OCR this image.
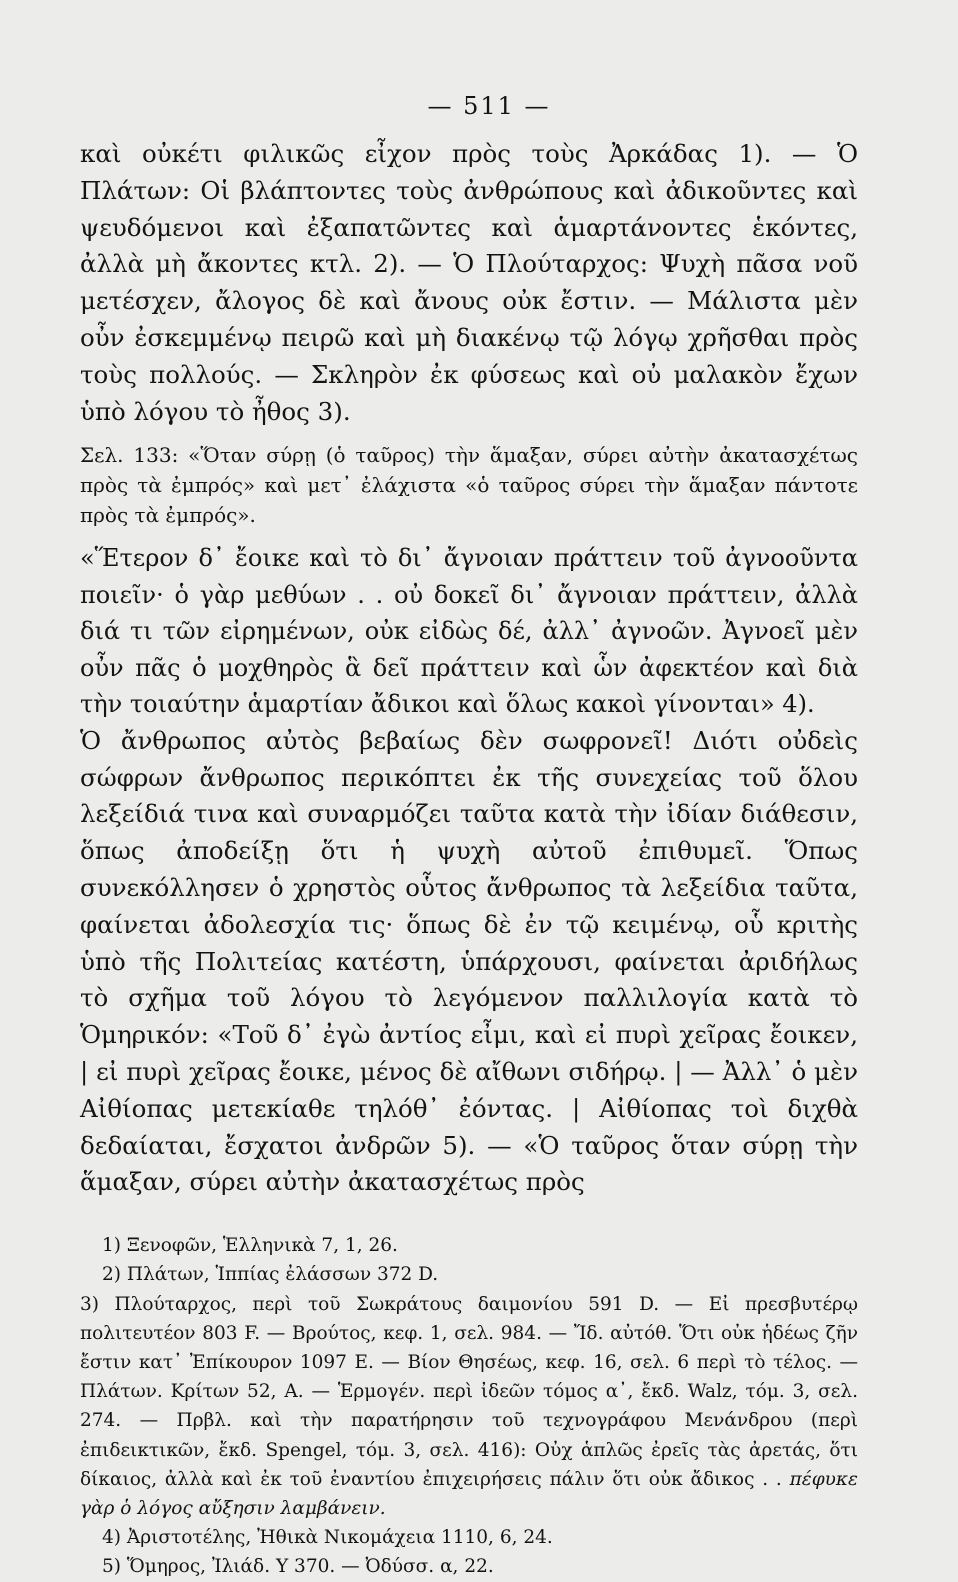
— 511 —

καὶ οὐκέτι φιλικῶς εἶχον πρὸς τοὺς Ἀρκάδας 1). — Ὁ Πλάτων: Οἱ βλάπτοντες τοὺς ἀνθρώπους καὶ ἀδικοῦντες καὶ ψευδόμενοι καὶ ἐξαπατῶντες καὶ ἁμαρτάνοντες ἑκόντες, ἀλλὰ μὴ ἄκοντες κτλ. 2). — Ὁ Πλούταρχος: Ψυχὴ πᾶσα νοῦ μετέσχεν, ἄλογος δὲ καὶ ἄνους οὐκ ἔστιν. — Μάλιστα μὲν οὖν ἐσκεμμένῳ πειρῶ καὶ μὴ διακένῳ τῷ λόγῳ χρῆσθαι πρὸς τοὺς πολλούς. — Σκληρὸν ἐκ φύσεως καὶ οὐ μαλακὸν ἔχων ὑπὸ λόγου τὸ ἦθος 3).

Σελ. 133: «Ὅταν σύρῃ (ὁ ταῦρος) τὴν ἅμαξαν, σύρει αὐτὴν ἀκατασχέτως πρὸς τὰ ἐμπρός» καὶ μετ᾽ ἐλάχιστα «ὁ ταῦρος σύρει τὴν ἅμαξαν πάντοτε πρὸς τὰ ἐμπρός».

«Ἕτερον δ᾽ ἔοικε καὶ τὸ δι᾽ ἄγνοιαν πράττειν τοῦ ἀγνοοῦντα ποιεῖν· ὁ γὰρ μεθύων . . οὐ δοκεῖ δι᾽ ἄγνοιαν πράττειν, ἀλλὰ διά τι τῶν εἰρημένων, οὐκ εἰδὼς δέ, ἀλλ᾽ ἀγνοῶν. Ἀγνοεῖ μὲν οὖν πᾶς ὁ μοχθηρὸς ἃ δεῖ πράττειν καὶ ὧν ἀφεκτέον καὶ διὰ τὴν τοιαύτην ἁμαρτίαν ἄδικοι καὶ ὅλως κακοὶ γίνονται» 4).

Ὁ ἄνθρωπος αὐτὸς βεβαίως δὲν σωφρονεῖ! Διότι οὐδεὶς σώφρων ἄνθρωπος περικόπτει ἐκ τῆς συνεχείας τοῦ ὅλου λεξείδιά τινα καὶ συναρμόζει ταῦτα κατὰ τὴν ἰδίαν διάθεσιν, ὅπως ἀποδείξῃ ὅτι ἡ ψυχὴ αὐτοῦ ἐπιθυμεῖ. Ὅπως συνεκόλλησεν ὁ χρηστὸς οὗτος ἄνθρωπος τὰ λεξείδια ταῦτα, φαίνεται ἀδολεσχία τις· ὅπως δὲ ἐν τῷ κειμένῳ, οὗ κριτὴς ὑπὸ τῆς Πολιτείας κατέστη, ὑπάρχουσι, φαίνεται ἀριδήλως τὸ σχῆμα τοῦ λόγου τὸ λεγόμενον παλλιλογία κατὰ τὸ Ὁμηρικόν: «Τοῦ δ᾽ ἐγὼ ἀντίος εἶμι, καὶ εἰ πυρὶ χεῖρας ἔοικεν, | εἰ πυρὶ χεῖρας ἔοικε, μένος δὲ αἴθωνι σιδήρῳ. | — Ἀλλ᾽ ὁ μὲν Αἰθίοπας μετεκίαθε τηλόθ᾽ ἐόντας. | Αἰθίοπας τοὶ διχθὰ δεδαίαται, ἔσχατοι ἀνδρῶν 5). — «Ὁ ταῦρος ὅταν σύρῃ τὴν ἅμαξαν, σύρει αὐτὴν ἀκατασχέτως πρὸς

1) Ξενοφῶν, Ἑλληνικὰ 7, 1, 26.

2) Πλάτων, Ἱππίας ἐλάσσων 372 D.

3) Πλούταρχος, περὶ τοῦ Σωκράτους δαιμονίου 591 D. — Εἰ πρεσβυτέρῳ πολιτευτέον 803 F. — Βρούτος, κεφ. 1, σελ. 984. — Ἴδ. αὐτόθ. Ὅτι οὐκ ἡδέως ζῆν ἔστιν κατ᾽ Ἐπίκουρον 1097 E. — Βίον Θησέως, κεφ. 16, σελ. 6 περὶ τὸ τέλος. — Πλάτων. Κρίτων 52, A. — Ἑρμογέν. περὶ ἰδεῶν τόμος α᾽, ἔκδ. Walz, τόμ. 3, σελ. 274. — Πρβλ. καὶ τὴν παρατήρησιν τοῦ τεχνογράφου Μενάνδρου (περὶ ἐπιδεικτικῶν, ἔκδ. Spengel, τόμ. 3, σελ. 416): Οὐχ ἁπλῶς ἐρεῖς τὰς ἀρετάς, ὅτι δίκαιος, ἀλλὰ καὶ ἐκ τοῦ ἐναντίου ἐπιχειρήσεις πάλιν ὅτι οὐκ ἄδικος . . πέφυκε γὰρ ὁ λόγος αὔξησιν λαμβάνειν.

4) Ἀριστοτέλης, Ἠθικὰ Νικομάχεια 1110, 6, 24.

5) Ὅμηρος, Ἰλιάδ. Υ 370. — Ὀδύσσ. α, 22.
